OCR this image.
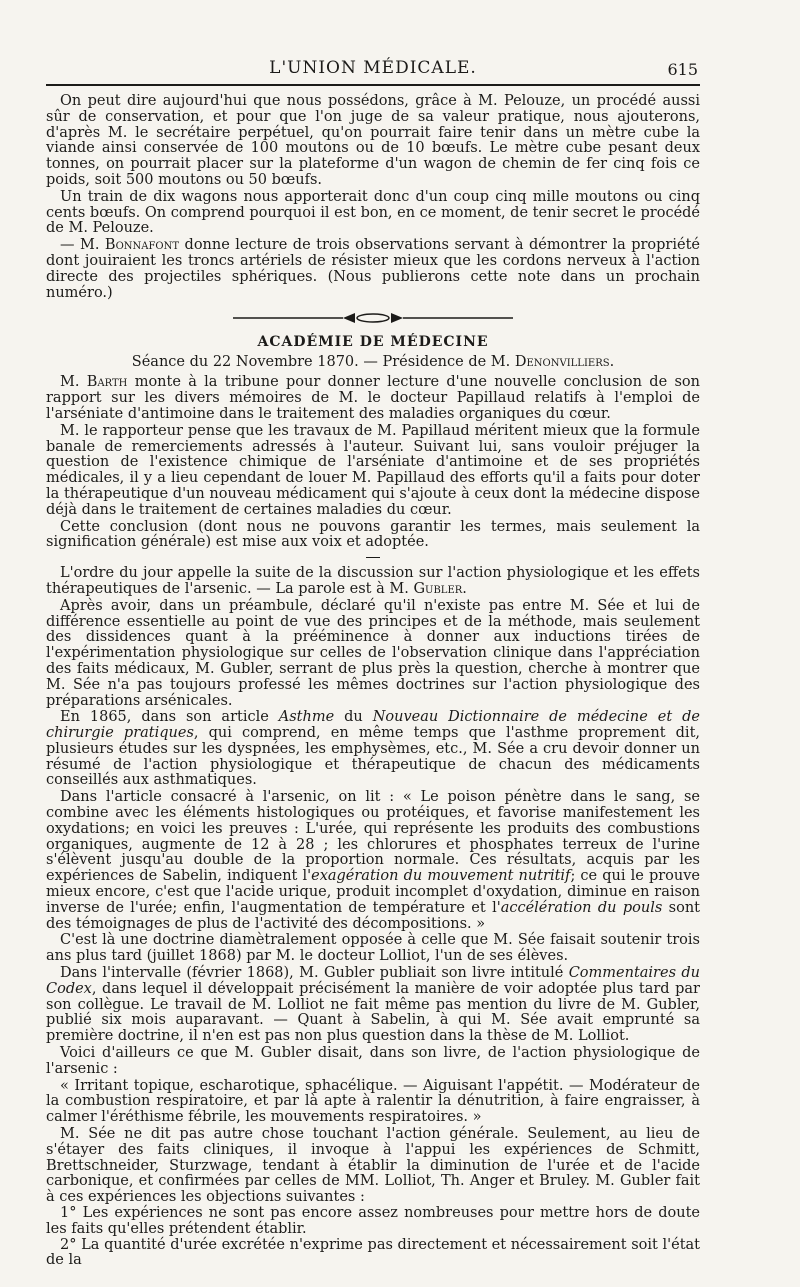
L'UNION MÉDICALE.	615

On peut dire aujourd'hui que nous possédons, grâce à M. Pelouze, un procédé aussi sûr de conservation, et pour que l'on juge de sa valeur pratique, nous ajouterons, d'après M. le secrétaire perpétuel, qu'on pourrait faire tenir dans un mètre cube la viande ainsi conservée de 100 moutons ou de 10 bœufs. Le mètre cube pesant deux tonnes, on pourrait placer sur la plateforme d'un wagon de chemin de fer cinq fois ce poids, soit 500 moutons ou 50 bœufs.

Un train de dix wagons nous apporterait donc d'un coup cinq mille moutons ou cinq cents bœufs. On comprend pourquoi il est bon, en ce moment, de tenir secret le procédé de M. Pelouze.

— M. Bonnafont donne lecture de trois observations servant à démontrer la propriété dont jouiraient les troncs artériels de résister mieux que les cordons nerveux à l'action directe des projectiles sphériques. (Nous publierons cette note dans un prochain numéro.)

ACADÉMIE DE MÉDECINE
Séance du 22 Novembre 1870. — Présidence de M. Denonvilliers.

M. Barth monte à la tribune pour donner lecture d'une nouvelle conclusion de son rapport sur les divers mémoires de M. le docteur Papillaud relatifs à l'emploi de l'arséniate d'antimoine dans le traitement des maladies organiques du cœur.

M. le rapporteur pense que les travaux de M. Papillaud méritent mieux que la formule banale de remerciements adressés à l'auteur. Suivant lui, sans vouloir préjuger la question de l'existence chimique de l'arséniate d'antimoine et de ses propriétés médicales, il y a lieu cependant de louer M. Papillaud des efforts qu'il a faits pour doter la thérapeutique d'un nouveau médicament qui s'ajoute à ceux dont la médecine dispose déjà dans le traitement de certaines maladies du cœur.

Cette conclusion (dont nous ne pouvons garantir les termes, mais seulement la signification générale) est mise aux voix et adoptée.

L'ordre du jour appelle la suite de la discussion sur l'action physiologique et les effets thérapeutiques de l'arsenic. — La parole est à M. Gubler.

Après avoir, dans un préambule, déclaré qu'il n'existe pas entre M. Sée et lui de différence essentielle au point de vue des principes et de la méthode, mais seulement des dissidences quant à la prééminence à donner aux inductions tirées de l'expérimentation physiologique sur celles de l'observation clinique dans l'appréciation des faits médicaux, M. Gubler, serrant de plus près la question, cherche à montrer que M. Sée n'a pas toujours professé les mêmes doctrines sur l'action physiologique des préparations arsénicales.

En 1865, dans son article Asthme du Nouveau Dictionnaire de médecine et de chirurgie pratiques, qui comprend, en même temps que l'asthme proprement dit, plusieurs études sur les dyspnées, les emphysèmes, etc., M. Sée a cru devoir donner un résumé de l'action physiologique et thérapeutique de chacun des médicaments conseillés aux asthmatiques.

Dans l'article consacré à l'arsenic, on lit : « Le poison pénètre dans le sang, se combine avec les éléments histologiques ou protéiques, et favorise manifestement les oxydations; en voici les preuves : L'urée, qui représente les produits des combustions organiques, augmente de 12 à 28 ; les chlorures et phosphates terreux de l'urine s'élèvent jusqu'au double de la proportion normale. Ces résultats, acquis par les expériences de Sabelin, indiquent l'exagération du mouvement nutritif; ce qui le prouve mieux encore, c'est que l'acide urique, produit incomplet d'oxydation, diminue en raison inverse de l'urée; enfin, l'augmentation de température et l'accélération du pouls sont des témoignages de plus de l'activité des décompositions. »

C'est là une doctrine diamètralement opposée à celle que M. Sée faisait soutenir trois ans plus tard (juillet 1868) par M. le docteur Lolliot, l'un de ses élèves.

Dans l'intervalle (février 1868), M. Gubler publiait son livre intitulé Commentaires du Codex, dans lequel il développait précisément la manière de voir adoptée plus tard par son collègue. Le travail de M. Lolliot ne fait même pas mention du livre de M. Gubler, publié six mois auparavant. — Quant à Sabelin, à qui M. Sée avait emprunté sa première doctrine, il n'en est pas non plus question dans la thèse de M. Lolliot.

Voici d'ailleurs ce que M. Gubler disait, dans son livre, de l'action physiologique de l'arsenic :

« Irritant topique, escharotique, sphacélique. — Aiguisant l'appétit. — Modérateur de la combustion respiratoire, et par là apte à ralentir la dénutrition, à faire engraisser, à calmer l'éréthisme fébrile, les mouvements respiratoires. »

M. Sée ne dit pas autre chose touchant l'action générale. Seulement, au lieu de s'étayer des faits cliniques, il invoque à l'appui les expériences de Schmitt, Brettschneider, Sturzwage, tendant à établir la diminution de l'urée et de l'acide carbonique, et confirmées par celles de MM. Lolliot, Th. Anger et Bruley. M. Gubler fait à ces expériences les objections suivantes :

1° Les expériences ne sont pas encore assez nombreuses pour mettre hors de doute les faits qu'elles prétendent établir.

2° La quantité d'urée excrétée n'exprime pas directement et nécessairement soit l'état de la
